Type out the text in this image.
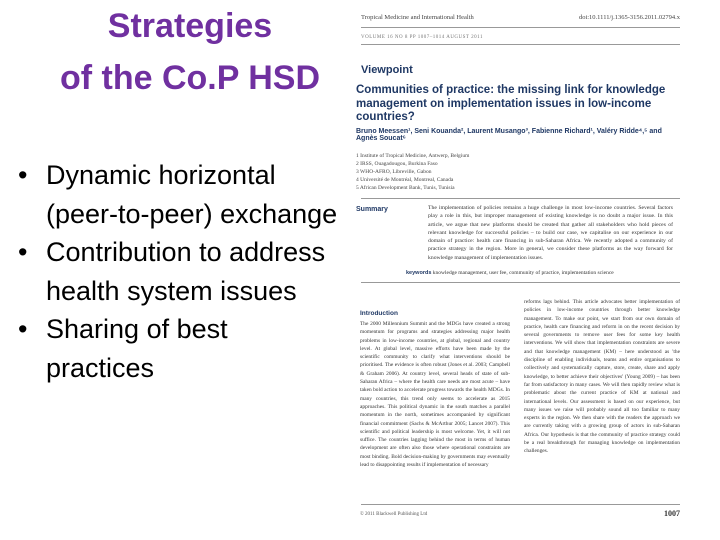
Strategies
of the Co.P HSD
• Dynamic horizontal (peer-to-peer) exchange
• Contribution to address health system issues
• Sharing of best practices
Tropical Medicine and International Health	doi:10.1111/j.1365-3156.2011.02794.x
VOLUME 16 NO 8 PP 1007–1014 AUGUST 2011
Viewpoint
Communities of practice: the missing link for knowledge management on implementation issues in low-income countries?
Bruno Meessen¹, Seni Kouanda², Laurent Musango³, Fabienne Richard¹, Valéry Ridde⁴,⁵ and Agnès Soucat⁶
1 Institute of Tropical Medicine, Antwerp, Belgium
2 IRSS, Ouagadougou, Burkina Faso
3 WHO-AFRO, Libreville, Gabon
4 Université de Montréal, Montreal, Canada
5 African Development Bank, Tunis, Tunisia
Summary	The implementation of policies remains a huge challenge in most low-income countries. Several factors play a role in this, but improper management of existing knowledge is no doubt a major issue. In this article, we argue that new platforms should be created that gather all stakeholders who hold pieces of relevant knowledge for successful policies – to build our case, we capitalise on our experience in our domain of practice: health care financing in sub-Saharan Africa. We recently adopted a community of practice strategy in the region. More in general, we consider these platforms as the way forward for knowledge management of implementation issues.
keywords knowledge management, user fee, community of practice, implementation science
Introduction
The 2000 Millennium Summit and the MDGs have created a strong momentum for programs and strategies addressing major health problems in low-income countries, at global, regional and country level. At global level, massive efforts have been made by the scientific community to clarify what interventions should be prioritised. The evidence is often robust (Jones et al. 2003; Campbell & Graham 2006). At country level, several heads of state of sub-Saharan Africa – where the health care needs are most acute – have taken bold action to accelerate progress towards the health MDGs. In many countries, this trend only seems to accelerate as 2015 approaches. This political dynamic in the south matches a parallel momentum in the north, sometimes accompanied by significant financial commitment (Sachs & McArthur 2005; Lancet 2007). This scientific and political leadership is most welcome. Yet, it will not suffice. The countries lagging behind the most in terms of human development are often also those where operational constraints are most binding. Bold decision-making by governments may eventually lead to disappointing results if implementation of necessary
reforms lags behind. This article advocates better implementation of policies in low-income countries through better knowledge management. To make our point, we start from our own domain of practice, health care financing and reform in on the recent decision by several governments to remove user fees for some key health interventions. We will show that implementation constraints are severe and that knowledge management (KM) – here understood as 'the discipline of enabling individuals, teams and entire organisations to collectively and systematically capture, store, create, share and apply knowledge, to better achieve their objectives' (Young 2009) – has been far from satisfactory in many cases. We will then rapidly review what is problematic about the current practice of KM at national and international levels. Our assessment is based on our experience, but many issues we raise will probably sound all too familiar to many experts in the region. We then share with the readers the approach we are currently taking with a growing group of actors in sub-Saharan Africa. Our hypothesis is that the community of practice strategy could be a real breakthrough for managing knowledge on implementation challenges.
© 2011 Blackwell Publishing Ltd	1007
